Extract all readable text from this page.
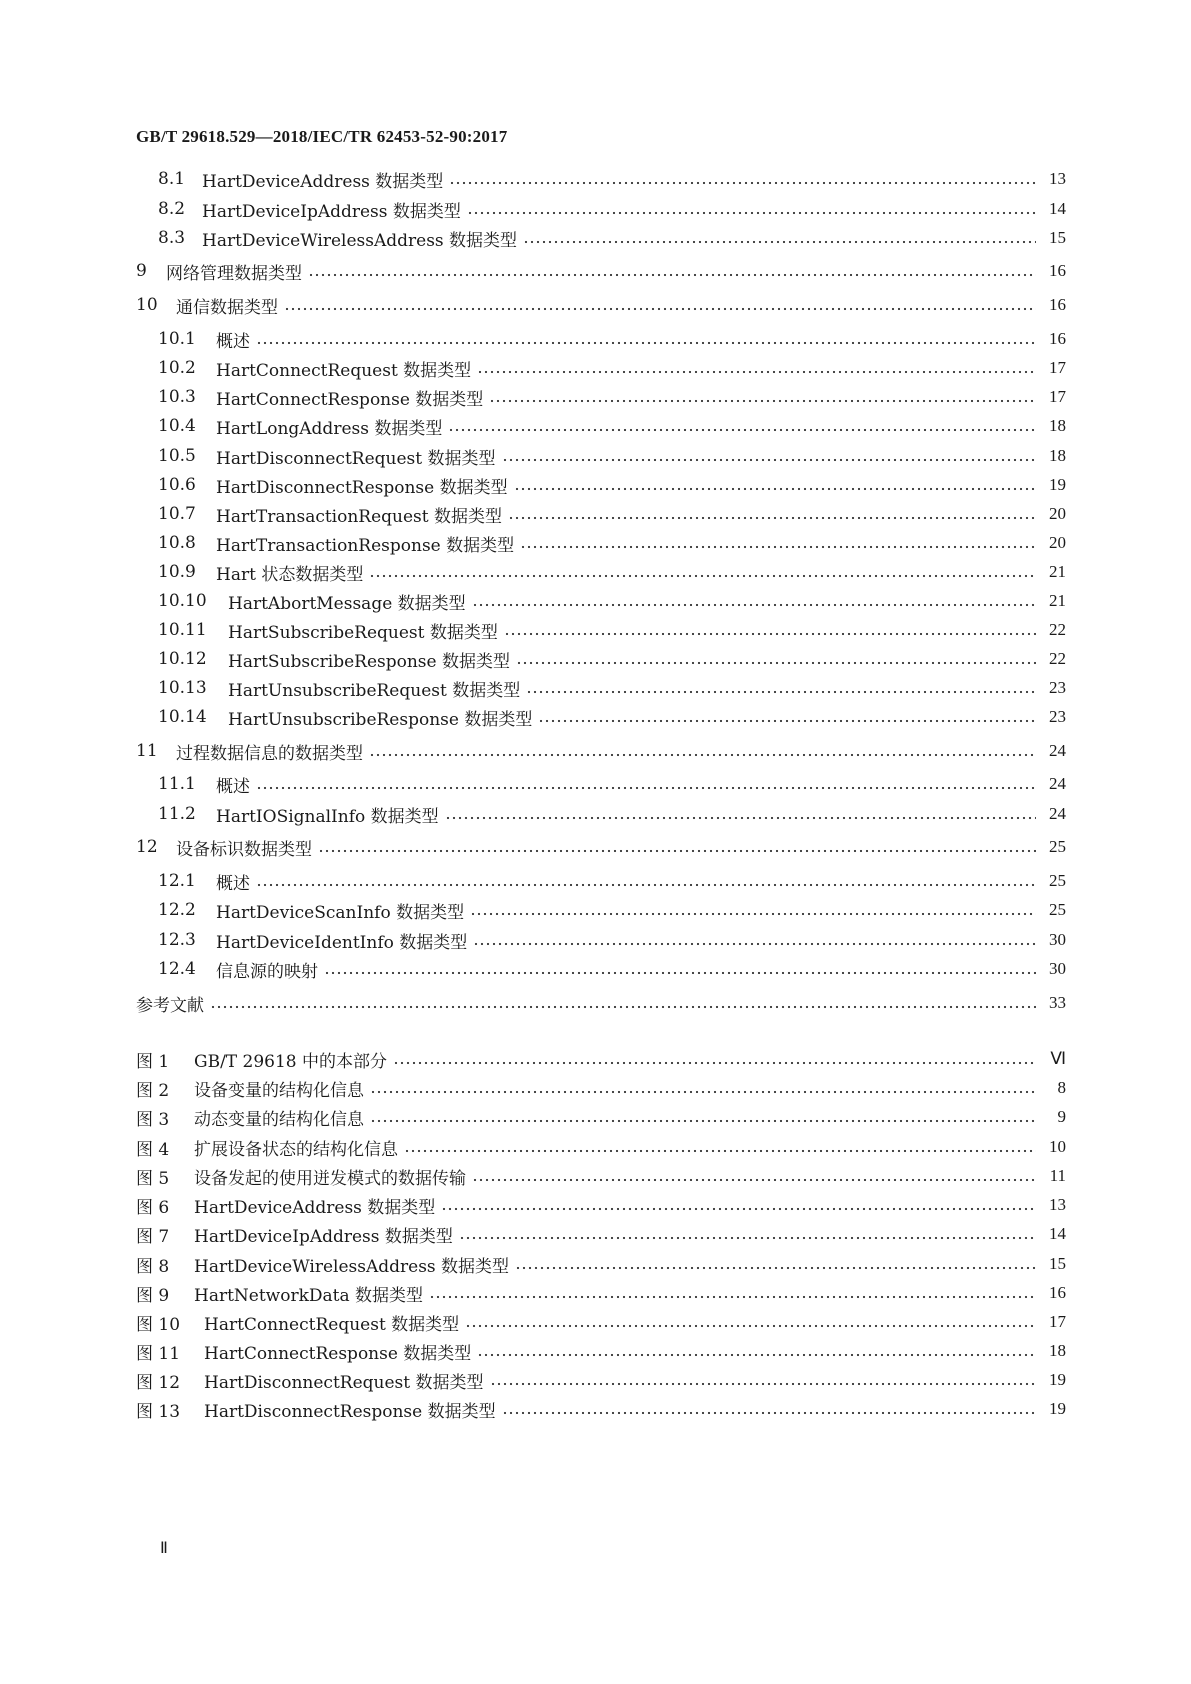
GB/T 29618.529—2018/IEC/TR 62453-52-90:2017
8.1 HartDeviceAddress 数据类型	13
8.2 HartDeviceIpAddress 数据类型	14
8.3 HartDeviceWirelessAddress 数据类型	15
9	网络管理数据类型	16
10	通信数据类型	16
10.1	概述	16
10.2	HartConnectRequest 数据类型	17
10.3	HartConnectResponse 数据类型	17
10.4	HartLongAddress 数据类型	18
10.5	HartDisconnectRequest 数据类型	18
10.6	HartDisconnectResponse 数据类型	19
10.7	HartTransactionRequest 数据类型	20
10.8	HartTransactionResponse 数据类型	20
10.9	Hart 状态数据类型	21
10.10	HartAbortMessage 数据类型	21
10.11	HartSubscribeRequest 数据类型	22
10.12	HartSubscribeResponse 数据类型	22
10.13	HartUnsubscribeRequest 数据类型	23
10.14	HartUnsubscribeResponse 数据类型	23
11	过程数据信息的数据类型	24
11.1	概述	24
11.2	HartIOSignalInfo 数据类型	24
12	设备标识数据类型	25
12.1	概述	25
12.2	HartDeviceScanInfo 数据类型	25
12.3	HartDeviceIdentInfo 数据类型	30
12.4	信息源的映射	30
参考文献	33
图 1	GB/T 29618 中的本部分	Ⅵ
图 2	设备变量的结构化信息	8
图 3	动态变量的结构化信息	9
图 4	扩展设备状态的结构化信息	10
图 5	设备发起的使用迸发模式的数据传输	11
图 6	HartDeviceAddress 数据类型	13
图 7	HartDeviceIpAddress 数据类型	14
图 8	HartDeviceWirelessAddress 数据类型	15
图 9	HartNetworkData 数据类型	16
图 10	HartConnectRequest 数据类型	17
图 11	HartConnectResponse 数据类型	18
图 12	HartDisconnectRequest 数据类型	19
图 13	HartDisconnectResponse 数据类型	19
Ⅱ
